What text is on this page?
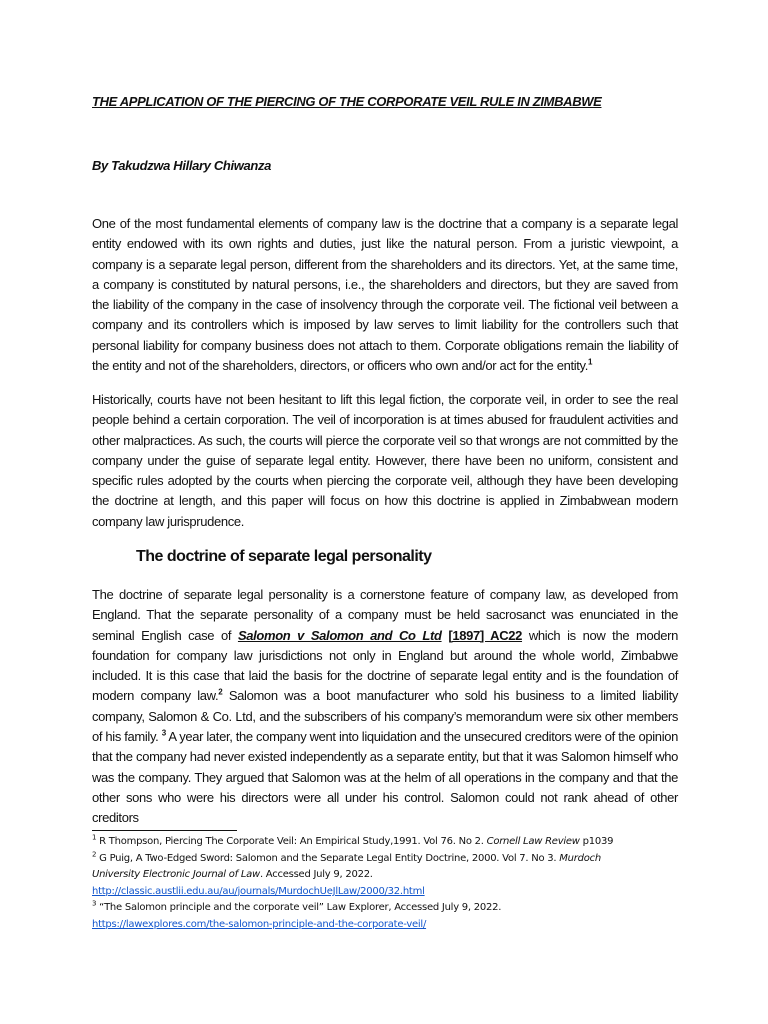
THE APPLICATION OF THE PIERCING OF THE CORPORATE VEIL RULE IN ZIMBABWE
By Takudzwa Hillary Chiwanza

One of the most fundamental elements of company law is the doctrine that a company is a separate legal entity endowed with its own rights and duties, just like the natural person. From a juristic viewpoint, a company is a separate legal person, different from the shareholders and its directors. Yet, at the same time, a company is constituted by natural persons, i.e., the shareholders and directors, but they are saved from the liability of the company in the case of insolvency through the corporate veil. The fictional veil between a company and its controllers which is imposed by law serves to limit liability for the controllers such that personal liability for company business does not attach to them. Corporate obligations remain the liability of the entity and not of the shareholders, directors, or officers who own and/or act for the entity.$^1$

Historically, courts have not been hesitant to lift this legal fiction, the corporate veil, in order to see the real people behind a certain corporation. The veil of incorporation is at times abused for fraudulent activities and other malpractices. As such, the courts will pierce the corporate veil so that wrongs are not committed by the company under the guise of separate legal entity. However, there have been no uniform, consistent and specific rules adopted by the courts when piercing the corporate veil, although they have been developing the doctrine at length, and this paper will focus on how this doctrine is applied in Zimbabwean modern company law jurisprudence.

The doctrine of separate legal personality

The doctrine of separate legal personality is a cornerstone feature of company law, as developed from England. That the separate personality of a company must be held sacrosanct was enunciated in the seminal English case of Salomon v Salomon and Co Ltd [1897] AC22 which is now the modern foundation for company law jurisdictions not only in England but around the whole world, Zimbabwe included. It is this case that laid the basis for the doctrine of separate legal entity and is the foundation of modern company law.$^2$ Salomon was a boot manufacturer who sold his business to a limited liability company, Salomon & Co. Ltd, and the subscribers of his company’s memorandum were six other members of his family. $^3$ A year later, the company went into liquidation and the unsecured creditors were of the opinion that the company had never existed independently as a separate entity, but that it was Salomon himself who was the company. They argued that Salomon was at the helm of all operations in the company and that the other sons who were his directors were all under his control. Salomon could not rank ahead of other creditors

$^1$ R Thompson, Piercing The Corporate Veil: An Empirical Study,1991. Vol 76. No 2. Cornell Law Review p1039
$^2$ G Puig, A Two-Edged Sword: Salomon and the Separate Legal Entity Doctrine, 2000. Vol 7. No 3. Murdoch
University Electronic Journal of Law. Accessed July 9, 2022.
http://classic.austlii.edu.au/au/journals/MurdochUeJlLaw/2000/32.html
$^3$ “The Salomon principle and the corporate veil” Law Explorer, Accessed July 9, 2022.
https://lawexplores.com/the-salomon-principle-and-the-corporate-veil/
